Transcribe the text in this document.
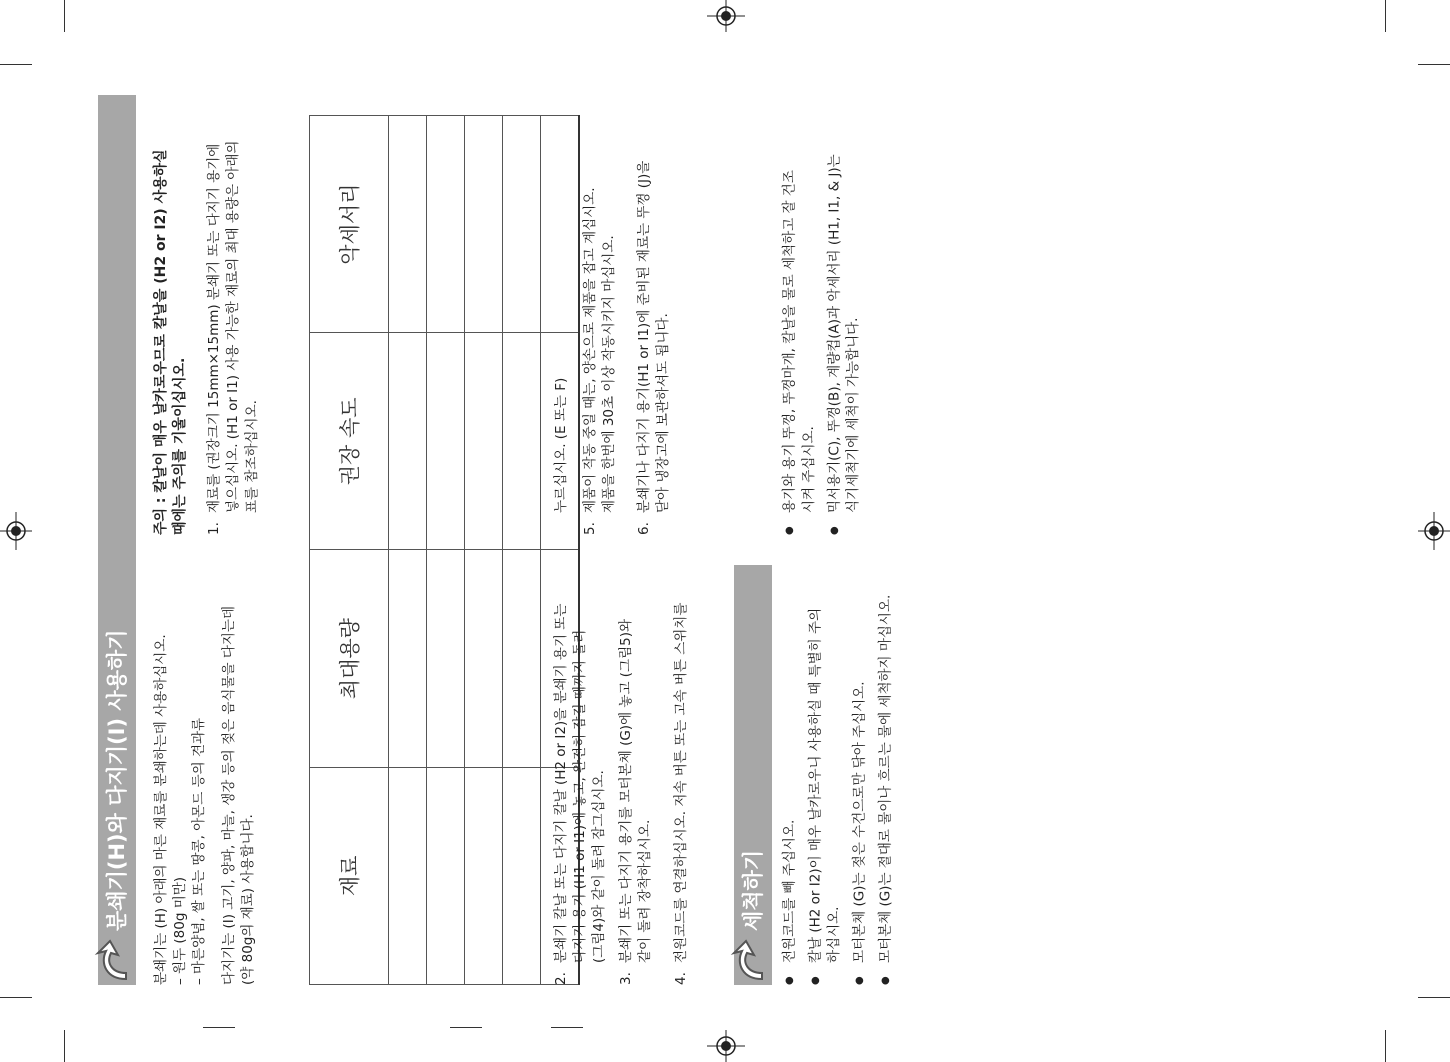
분쇄기(H)와 다지기(I) 사용하기	분쇄기는 (H) 아래의 마른 재료를 분쇄하는데 사용하십시오. – 원두 (80g 미만) – 마른양념, 쌀 또는 땅콩, 아몬드 등의 견과류 다지기는 (I) 고기, 양파, 마늘, 생강 등의 젖은 음식물을 다지는데 (약 80g의 재료) 사용합니다.	재료	최대용량	권장 속도	악세서리

2.분쇄기 칼날 또는 다지기 칼날 (H2 or I2)을 분쇄기 용기 또는 다지기 용기 (H1 or I1)에 놓고, 완전히 잠길 때까지 돌려 (그림4)와 같이 돌려 잠그십시오.
3.분쇄기 또는 다지기 용기를 모터본체 (G)에 놓고 (그림5)와 같이 돌려 장착하십시오.
4.전원코드를 연결하십시오. 저속 버튼 또는 고속 버튼 스위치를	세척하기
●전원코드를 빼 주십시오.
●칼날 (H2 or I2)이 매우 날카로우니 사용하실 때 특별히 주의 하십시오.
●모터본체 (G)는 젖은 수건으로만 닦아 주십시오.
●모터본체 (G)는 절대로 물이나 흐르는 물에 세척하지 마십시오.
주의 : 칼날이 매우 날카로우므로 칼날을 (H2 or I2) 사용하실 때에는 주의를 기울이십시오. 1.재료를 (권장크기 15mm×15mm) 분쇄기 또는 다지기 용기에 넣으십시오. (H1 or I1) 사용 가능한 재료의 최대 용량은 아래의 표를 참조하십시오.	누르십시오. (E 또는 F)
5.제품이 작동 중일 때는, 양손으로 제품을 잡고 계십시오. 제품을 한번에 30초 이상 작동시키지 마십시오.
6.분쇄기나 다지기 용기(H1 or I1)에 준비된 재료는 뚜껑 (J)을 닫아 냉장고에 보관하셔도 됩니다.
●용기와 용기 뚜껑, 뚜껑마개, 칼날을 물로 세척하고 잘 건조 시켜 주십시오.
●믹서용기(C), 뚜껑(B), 계량컵(A)과 악세서리 (H1, I1, & J)는 식기세척기에 세척이 가능합니다.
